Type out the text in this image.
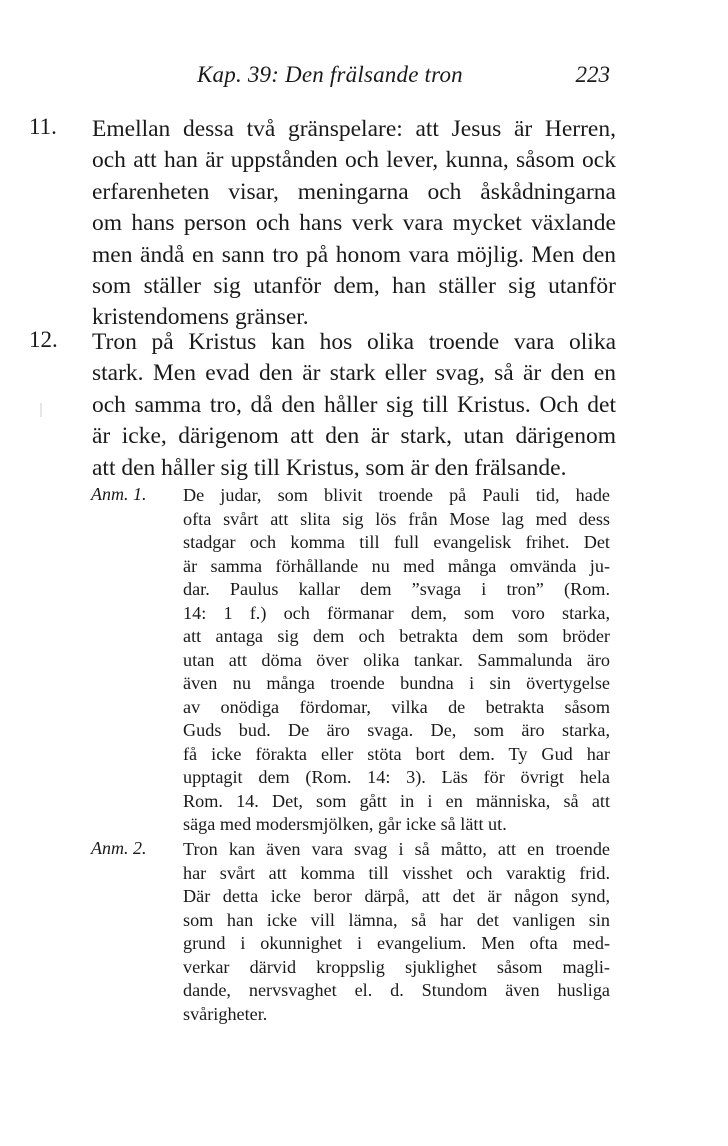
Kap. 39: Den frälsande tron	223
11. Emellan dessa två gränspelare: att Jesus är Herren,
och att han är uppstånden och lever, kunna, såsom ock
erfarenheten visar, meningarna och åskådningarna
om hans person och hans verk vara mycket växlande
men ändå en sann tro på honom vara möjlig. Men den
som ställer sig utanför dem, han ställer sig utanför
kristendomens gränser.
12. Tron på Kristus kan hos olika troende vara olika
stark. Men evad den är stark eller svag, så är den en
och samma tro, då den håller sig till Kristus. Och det
är icke, därigenom att den är stark, utan därigenom
att den håller sig till Kristus, som är den frälsande.
Anm. 1. De judar, som blivit troende på Pauli tid, hade
ofta svårt att slita sig lös från Mose lag med dess
stadgar och komma till full evangelisk frihet. Det
är samma förhållande nu med många omvända ju-
dar. Paulus kallar dem ”svaga i tron” (Rom.
14: 1 f.) och förmanar dem, som voro starka,
att antaga sig dem och betrakta dem som bröder
utan att döma över olika tankar. Sammalunda äro
även nu många troende bundna i sin övertygelse
av onödiga fördomar, vilka de betrakta såsom
Guds bud. De äro svaga. De, som äro starka,
få icke förakta eller stöta bort dem. Ty Gud har
upptagit dem (Rom. 14: 3). Läs för övrigt hela
Rom. 14. Det, som gått in i en människa, så att
säga med modersmjölken, går icke så lätt ut.
Anm. 2. Tron kan även vara svag i så måtto, att en troende
har svårt att komma till visshet och varaktig frid.
Där detta icke beror därpå, att det är någon synd,
som han icke vill lämna, så har det vanligen sin
grund i okunnighet i evangelium. Men ofta med-
verkar därvid kroppslig sjuklighet såsom magli-
dande, nervsvaghet el. d. Stundom även husliga
svårigheter.
